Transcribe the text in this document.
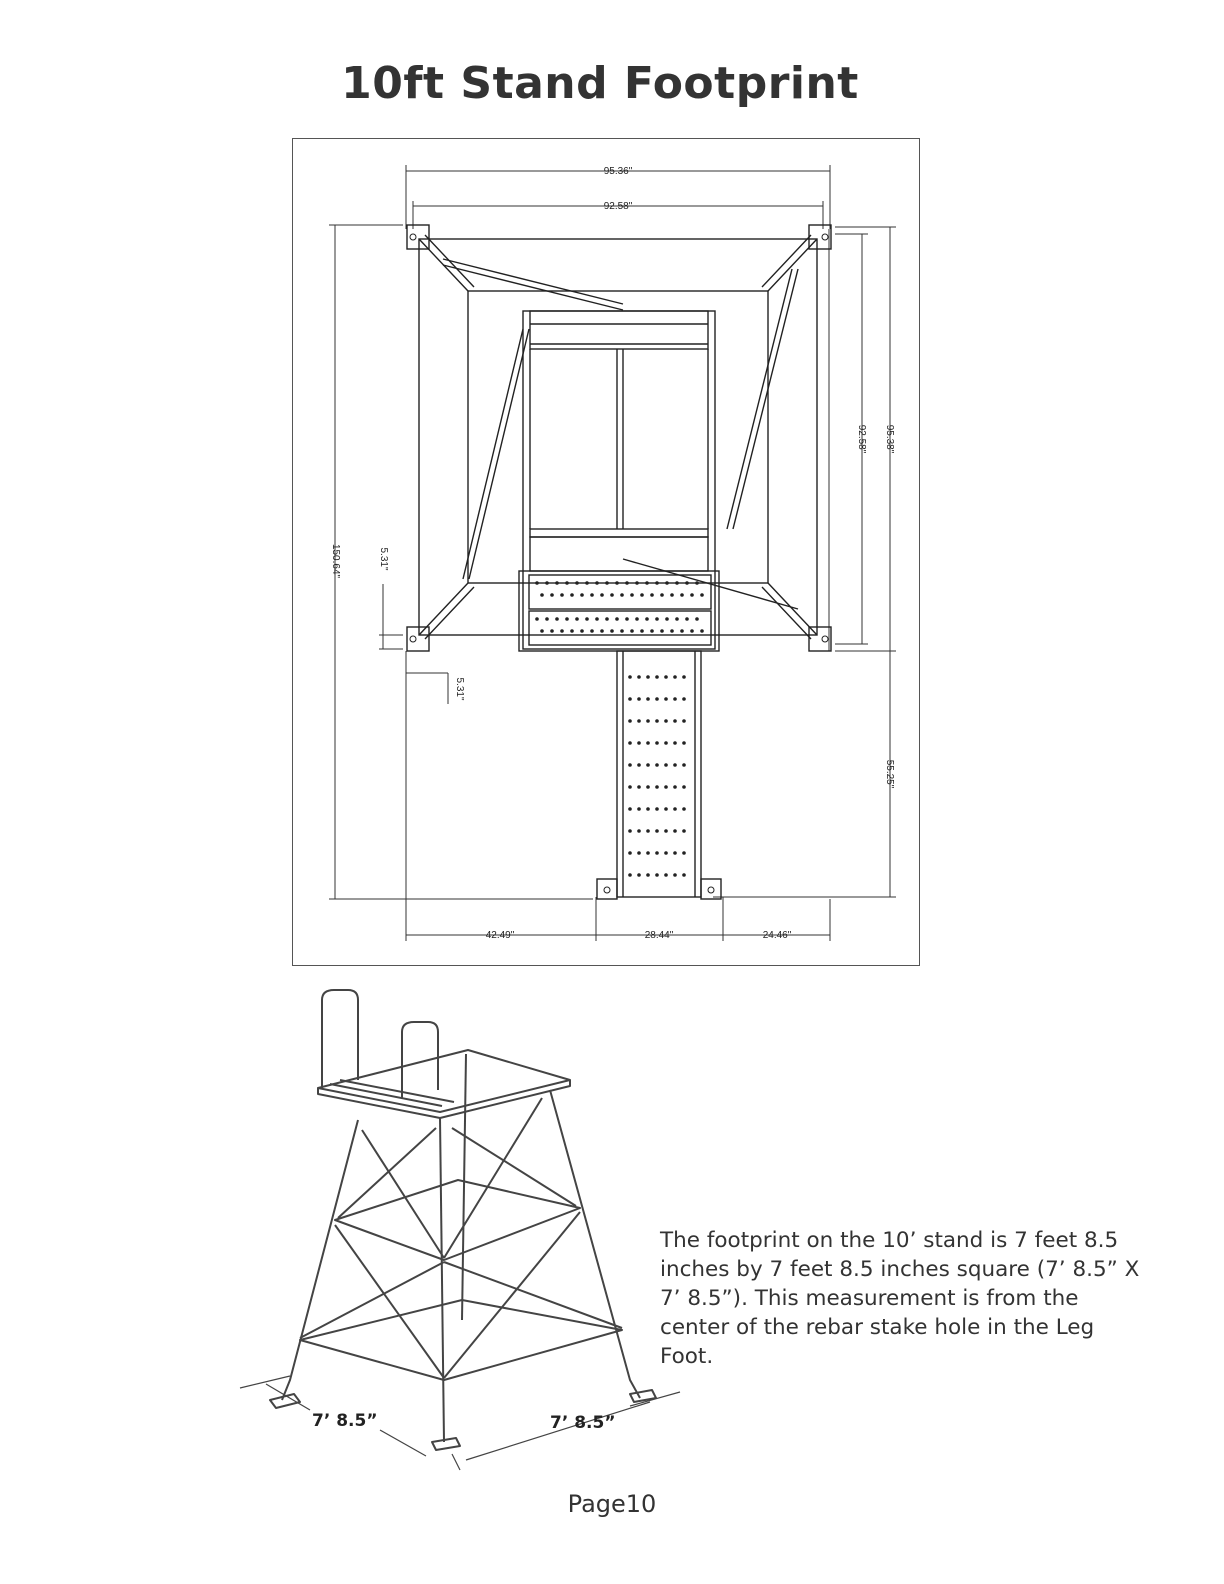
10ft Stand Footprint
95.36"
92.58"
92.58" 95.38"
55.25"
150.64"	5.31"
5.31"
42.49"	28.44"	24.46"
7’ 8.5”	7’ 8.5”
The footprint on the 10’ stand is 7 feet 8.5 inches by 7 feet 8.5 inches square (7’ 8.5” X 7’ 8.5”). This measurement is from the center of the rebar stake hole in the Leg Foot.
Page10
